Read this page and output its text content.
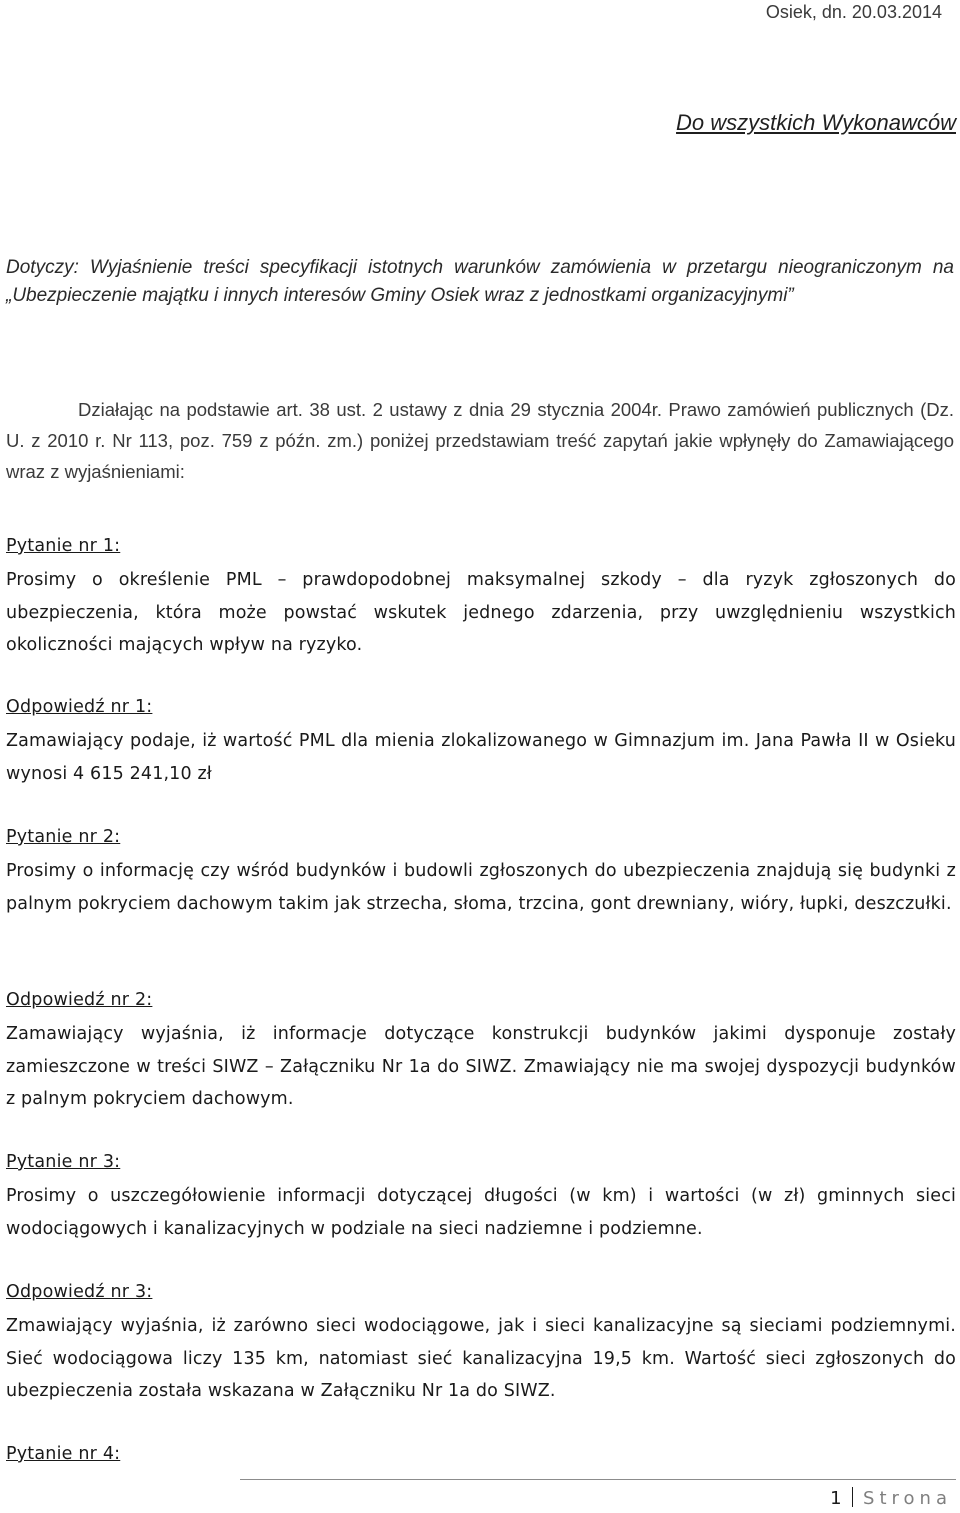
Osiek, dn. 20.03.2014
Do wszystkich Wykonawców
Dotyczy: Wyjaśnienie treści specyfikacji istotnych warunków zamówienia w przetargu nieograniczonym na „Ubezpieczenie majątku i innych interesów Gminy Osiek wraz z jednostkami organizacyjnymi”
Działając na podstawie art. 38 ust. 2 ustawy z dnia 29 stycznia 2004r. Prawo zamówień publicznych (Dz. U. z 2010 r. Nr 113, poz. 759 z późn. zm.) poniżej przedstawiam treść zapytań jakie wpłynęły do Zamawiającego wraz z wyjaśnieniami:
Pytanie nr 1:
Prosimy o określenie PML – prawdopodobnej maksymalnej szkody – dla ryzyk zgłoszonych do ubezpieczenia, która może powstać wskutek jednego zdarzenia, przy uwzględnieniu wszystkich okoliczności mających wpływ na ryzyko.
Odpowiedź nr 1:
Zamawiający podaje, iż wartość PML dla mienia zlokalizowanego w Gimnazjum im. Jana Pawła II w Osieku wynosi 4 615 241,10 zł
Pytanie nr 2:
Prosimy o informację czy wśród budynków i budowli zgłoszonych do ubezpieczenia znajdują się budynki z palnym pokryciem dachowym takim jak strzecha, słoma, trzcina, gont drewniany, wióry, łupki, deszczułki.
Odpowiedź nr 2:
Zamawiający wyjaśnia, iż informacje dotyczące konstrukcji budynków jakimi dysponuje zostały zamieszczone w treści SIWZ – Załączniku Nr 1a do SIWZ. Zmawiający nie ma swojej dyspozycji budynków z palnym pokryciem dachowym.
Pytanie nr 3:
Prosimy o uszczegółowienie informacji dotyczącej długości (w km) i wartości (w zł) gminnych sieci wodociągowych i kanalizacyjnych w podziale na sieci nadziemne i podziemne.
Odpowiedź nr 3:
Zmawiający wyjaśnia, iż zarówno sieci wodociągowe, jak i sieci kanalizacyjne są sieciami podziemnymi. Sieć wodociągowa liczy 135 km, natomiast sieć kanalizacyjna 19,5 km. Wartość sieci zgłoszonych do ubezpieczenia została wskazana w Załączniku Nr 1a do SIWZ.
Pytanie nr 4:
1 Strona
